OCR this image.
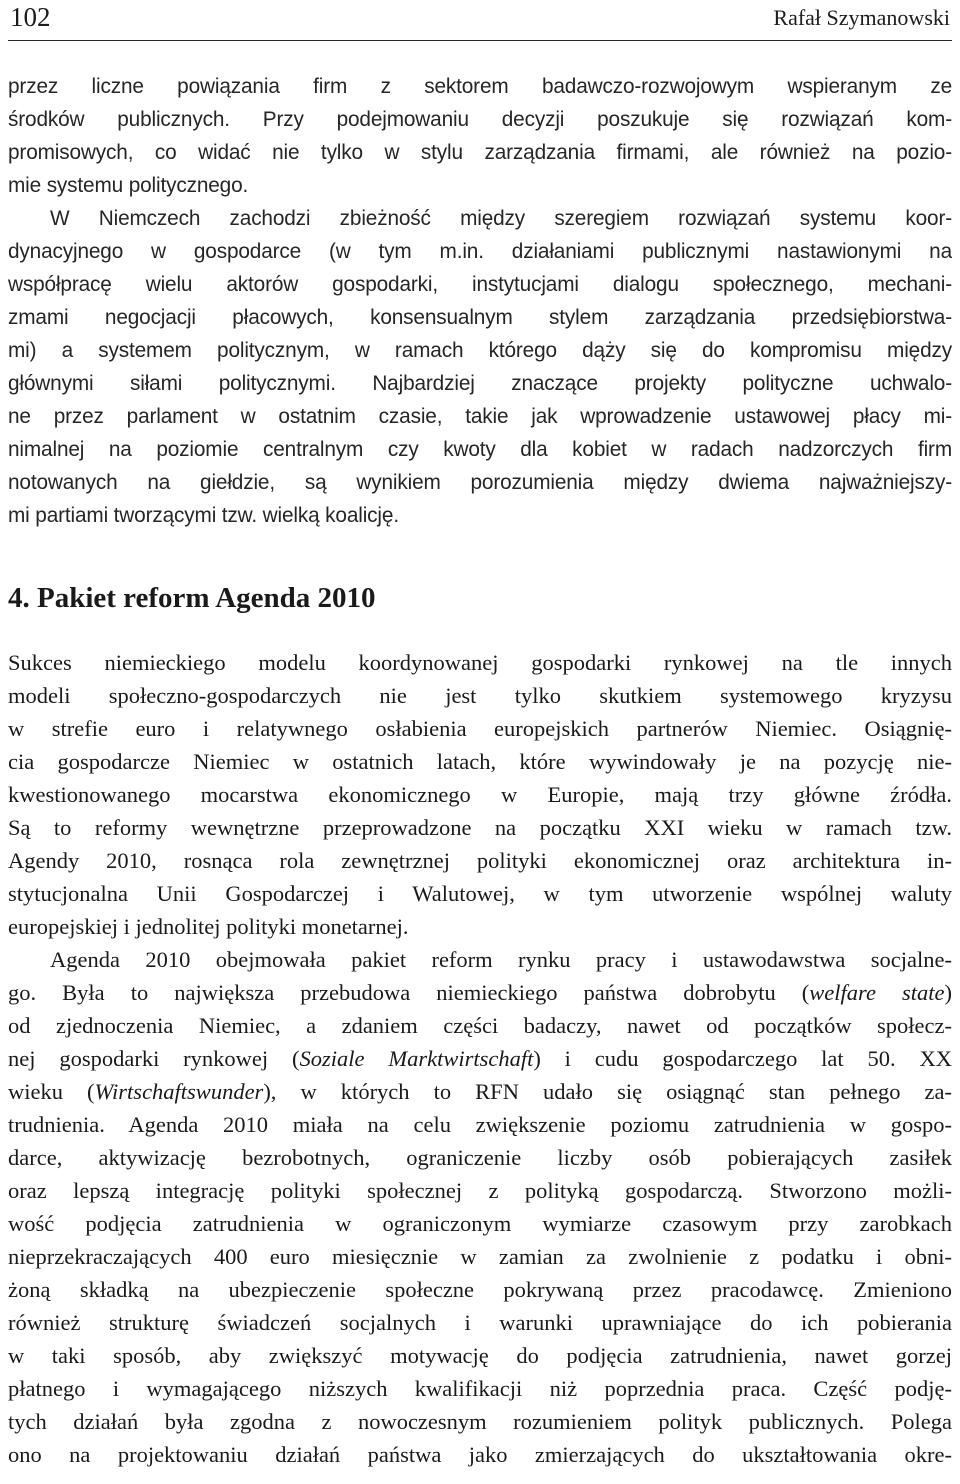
102	Rafał Szymanowski
przez liczne powiązania firm z sektorem badawczo-rozwojowym wspieranym ze
środków publicznych. Przy podejmowaniu decyzji poszukuje się rozwiązań kom-
promisowych, co widać nie tylko w stylu zarządzania firmami, ale również na pozio-
mie systemu politycznego.
W Niemczech zachodzi zbieżność między szeregiem rozwiązań systemu koor-
dynacyjnego w gospodarce (w tym m.in. działaniami publicznymi nastawionymi na
współpracę wielu aktorów gospodarki, instytucjami dialogu społecznego, mechani-
zmami negocjacji płacowych, konsensualnym stylem zarządzania przedsiębiorstwa-
mi) a systemem politycznym, w ramach którego dąży się do kompromisu między
głównymi siłami politycznymi. Najbardziej znaczące projekty polityczne uchwalo-
ne przez parlament w ostatnim czasie, takie jak wprowadzenie ustawowej płacy mi-
nimalnej na poziomie centralnym czy kwoty dla kobiet w radach nadzorczych firm
notowanych na giełdzie, są wynikiem porozumienia między dwiema najważniejszy-
mi partiami tworzącymi tzw. wielką koalicję.
4. Pakiet reform Agenda 2010
Sukces niemieckiego modelu koordynowanej gospodarki rynkowej na tle innych
modeli społeczno-gospodarczych nie jest tylko skutkiem systemowego kryzysu
w strefie euro i relatywnego osłabienia europejskich partnerów Niemiec. Osiągnię-
cia gospodarcze Niemiec w ostatnich latach, które wywindowały je na pozycję nie-
kwestionowanego mocarstwa ekonomicznego w Europie, mają trzy główne źródła.
Są to reformy wewnętrzne przeprowadzone na początku XXI wieku w ramach tzw.
Agendy 2010, rosnąca rola zewnętrznej polityki ekonomicznej oraz architektura in-
stytucjonalna Unii Gospodarczej i Walutowej, w tym utworzenie wspólnej waluty
europejskiej i jednolitej polityki monetarnej.
Agenda 2010 obejmowała pakiet reform rynku pracy i ustawodawstwa socjalne-
go. Była to największa przebudowa niemieckiego państwa dobrobytu (welfare state)
od zjednoczenia Niemiec, a zdaniem części badaczy, nawet od początków społecz-
nej gospodarki rynkowej (Soziale Marktwirtschaft) i cudu gospodarczego lat 50. XX
wieku (Wirtschaftswunder), w których to RFN udało się osiągnąć stan pełnego za-
trudnienia. Agenda 2010 miała na celu zwiększenie poziomu zatrudnienia w gospo-
darce, aktywizację bezrobotnych, ograniczenie liczby osób pobierających zasiłek
oraz lepszą integrację polityki społecznej z polityką gospodarczą. Stworzono możli-
wość podjęcia zatrudnienia w ograniczonym wymiarze czasowym przy zarobkach
nieprzekraczających 400 euro miesięcznie w zamian za zwolnienie z podatku i obni-
żoną składką na ubezpieczenie społeczne pokrywaną przez pracodawcę. Zmieniono
również strukturę świadczeń socjalnych i warunki uprawniające do ich pobierania
w taki sposób, aby zwiększyć motywację do podjęcia zatrudnienia, nawet gorzej
płatnego i wymagającego niższych kwalifikacji niż poprzednia praca. Część podję-
tych działań była zgodna z nowoczesnym rozumieniem polityk publicznych. Polega
ono na projektowaniu działań państwa jako zmierzających do ukształtowania okre-
